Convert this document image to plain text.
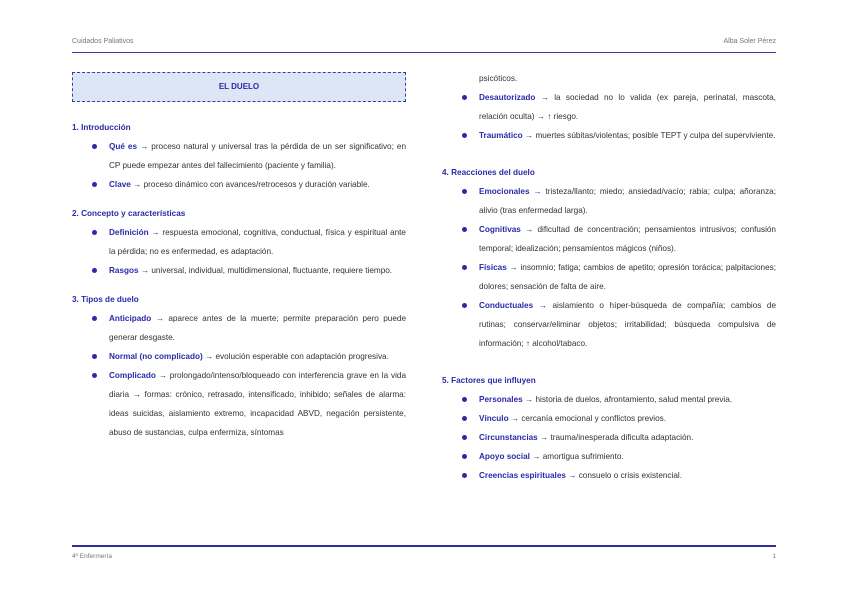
Cuidados Paliativos	Alba Soler Pérez
EL DUELO
1. Introducción
Qué es → proceso natural y universal tras la pérdida de un ser significativo; en CP puede empezar antes del fallecimiento (paciente y familia).
Clave → proceso dinámico con avances/retrocesos y duración variable.
2. Concepto y características
Definición → respuesta emocional, cognitiva, conductual, física y espiritual ante la pérdida; no es enfermedad, es adaptación.
Rasgos → universal, individual, multidimensional, fluctuante, requiere tiempo.
3. Tipos de duelo
Anticipado → aparece antes de la muerte; permite preparación pero puede generar desgaste.
Normal (no complicado) → evolución esperable con adaptación progresiva.
Complicado → prolongado/intenso/bloqueado con interferencia grave en la vida diaria → formas: crónico, retrasado, intensificado, inhibido; señales de alarma: ideas suicidas, aislamiento extremo, incapacidad ABVD, negación persistente, abuso de sustancias, culpa enfermiza, síntomas
psicóticos.
Desautorizado → la sociedad no lo valida (ex pareja, perinatal, mascota, relación oculta) → ↑ riesgo.
Traumático → muertes súbitas/violentas; posible TEPT y culpa del superviviente.
4. Reacciones del duelo
Emocionales → tristeza/llanto; miedo; ansiedad/vacío; rabia; culpa; añoranza; alivio (tras enfermedad larga).
Cognitivas → dificultad de concentración; pensamientos intrusivos; confusión temporal; idealización; pensamientos mágicos (niños).
Físicas → insomnio; fatiga; cambios de apetito; opresión torácica; palpitaciones; dolores; sensación de falta de aire.
Conductuales → aislamiento o híper-búsqueda de compañía; cambios de rutinas; conservar/eliminar objetos; irritabilidad; búsqueda compulsiva de información; ↑ alcohol/tabaco.
5. Factores que influyen
Personales → historia de duelos, afrontamiento, salud mental previa.
Vínculo → cercanía emocional y conflictos previos.
Circunstancias → trauma/inesperada dificulta adaptación.
Apoyo social → amortigua sufrimiento.
Creencias espirituales → consuelo o crisis existencial.
4º Enfermería	1
